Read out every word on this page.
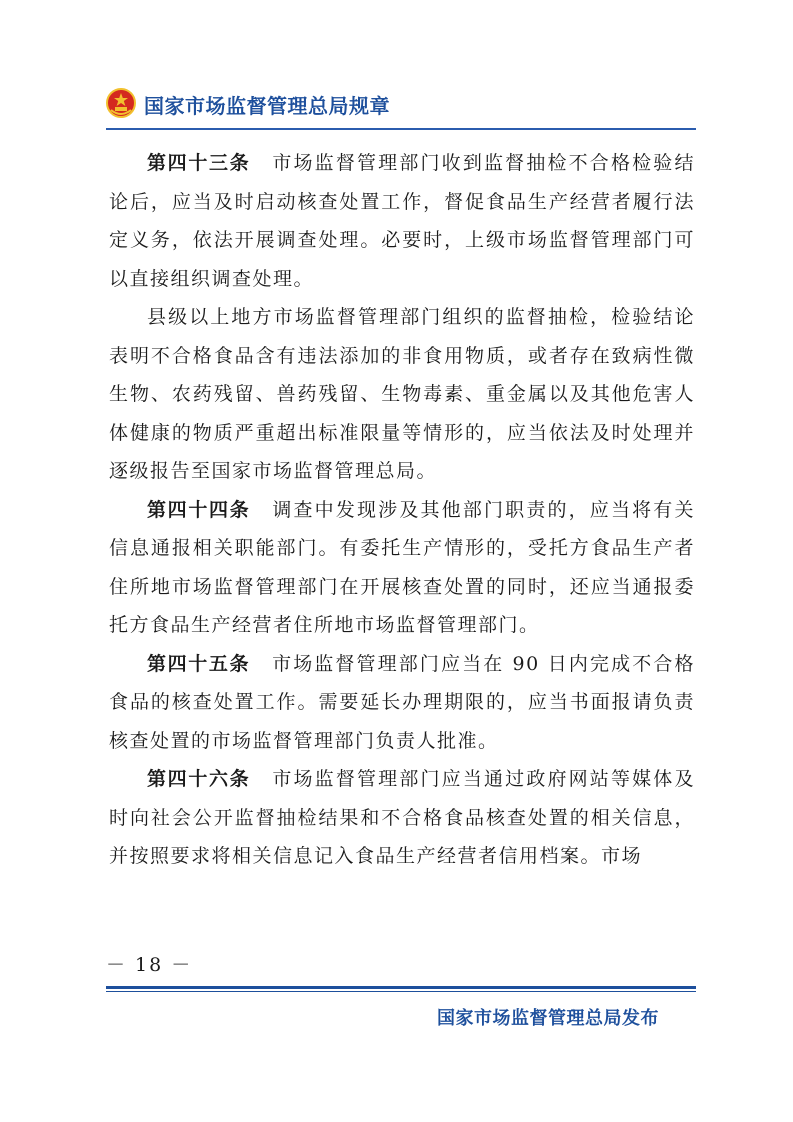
国家市场监督管理总局规章

第四十三条 市场监督管理部门收到监督抽检不合格检验结论后，应当及时启动核查处置工作，督促食品生产经营者履行法定义务，依法开展调查处理。必要时，上级市场监督管理部门可以直接组织调查处理。

县级以上地方市场监督管理部门组织的监督抽检，检验结论表明不合格食品含有违法添加的非食用物质，或者存在致病性微生物、农药残留、兽药残留、生物毒素、重金属以及其他危害人体健康的物质严重超出标准限量等情形的，应当依法及时处理并逐级报告至国家市场监督管理总局。

第四十四条 调查中发现涉及其他部门职责的，应当将有关信息通报相关职能部门。有委托生产情形的，受托方食品生产者住所地市场监督管理部门在开展核查处置的同时，还应当通报委托方食品生产经营者住所地市场监督管理部门。

第四十五条 市场监督管理部门应当在 90 日内完成不合格食品的核查处置工作。需要延长办理期限的，应当书面报请负责核查处置的市场监督管理部门负责人批准。

第四十六条 市场监督管理部门应当通过政府网站等媒体及时向社会公开监督抽检结果和不合格食品核查处置的相关信息，并按照要求将相关信息记入食品生产经营者信用档案。市场

－ 18 －
国家市场监督管理总局发布
